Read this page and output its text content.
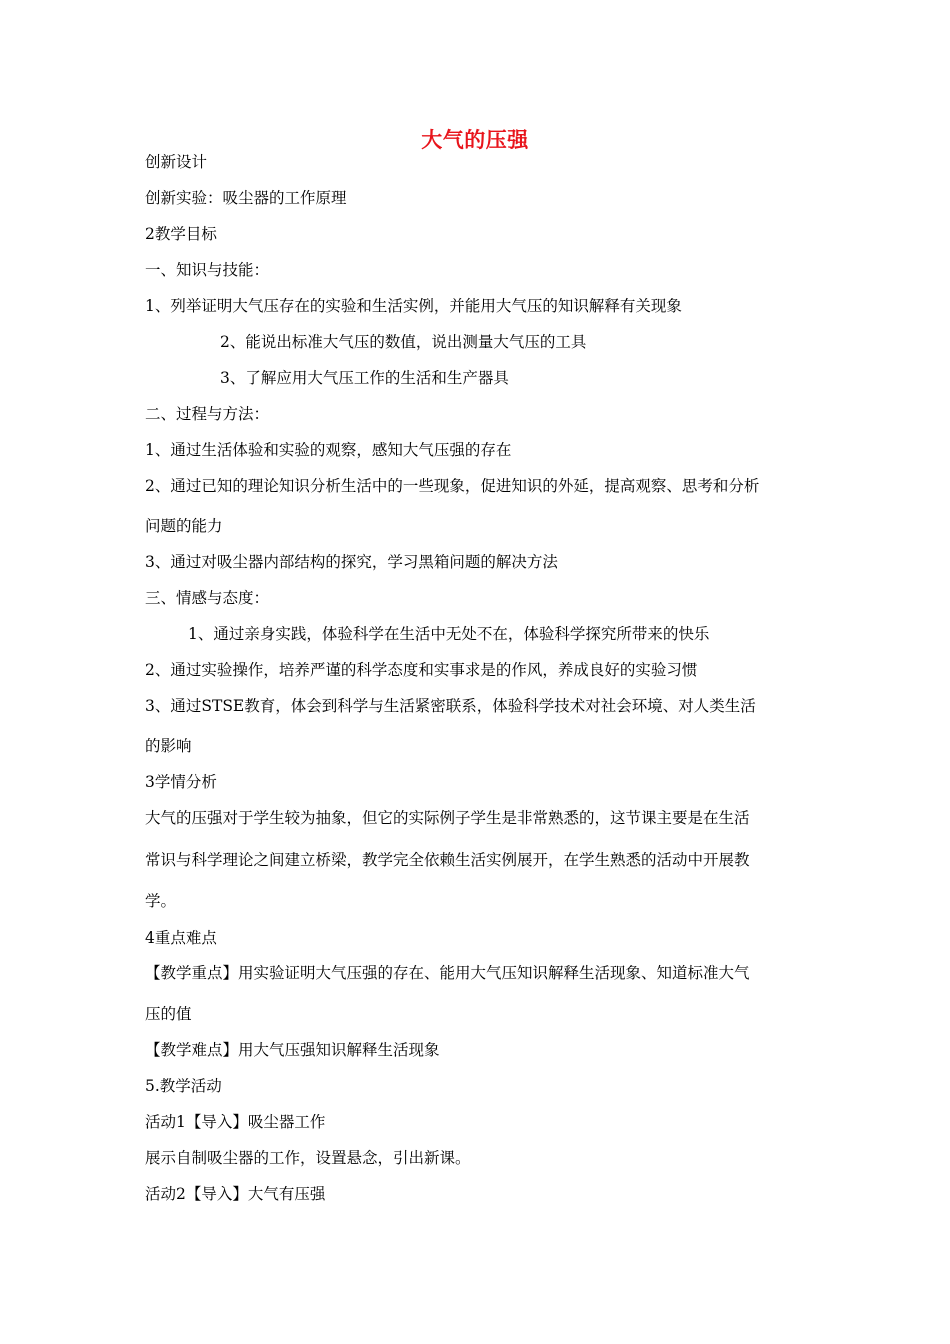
大气的压强
创新设计
创新实验：吸尘器的工作原理
2教学目标
一、知识与技能：
1、列举证明大气压存在的实验和生活实例，并能用大气压的知识解释有关现象
2、能说出标准大气压的数值，说出测量大气压的工具
3、了解应用大气压工作的生活和生产器具
二、过程与方法：
1、通过生活体验和实验的观察，感知大气压强的存在
2、通过已知的理论知识分析生活中的一些现象，促进知识的外延，提高观察、思考和分析
问题的能力
3、通过对吸尘器内部结构的探究，学习黑箱问题的解决方法
三、情感与态度：
1、通过亲身实践，体验科学在生活中无处不在，体验科学探究所带来的快乐
2、通过实验操作，培养严谨的科学态度和实事求是的作风，养成良好的实验习惯
3、通过STSE教育，体会到科学与生活紧密联系，体验科学技术对社会环境、对人类生活
的影响
3学情分析
大气的压强对于学生较为抽象，但它的实际例子学生是非常熟悉的，这节课主要是在生活
常识与科学理论之间建立桥梁，教学完全依赖生活实例展开，在学生熟悉的活动中开展教
学。
4重点难点
【教学重点】用实验证明大气压强的存在、能用大气压知识解释生活现象、知道标准大气
压的值
【教学难点】用大气压强知识解释生活现象
5.教学活动
活动1【导入】吸尘器工作
展示自制吸尘器的工作，设置悬念，引出新课。
活动2【导入】大气有压强
